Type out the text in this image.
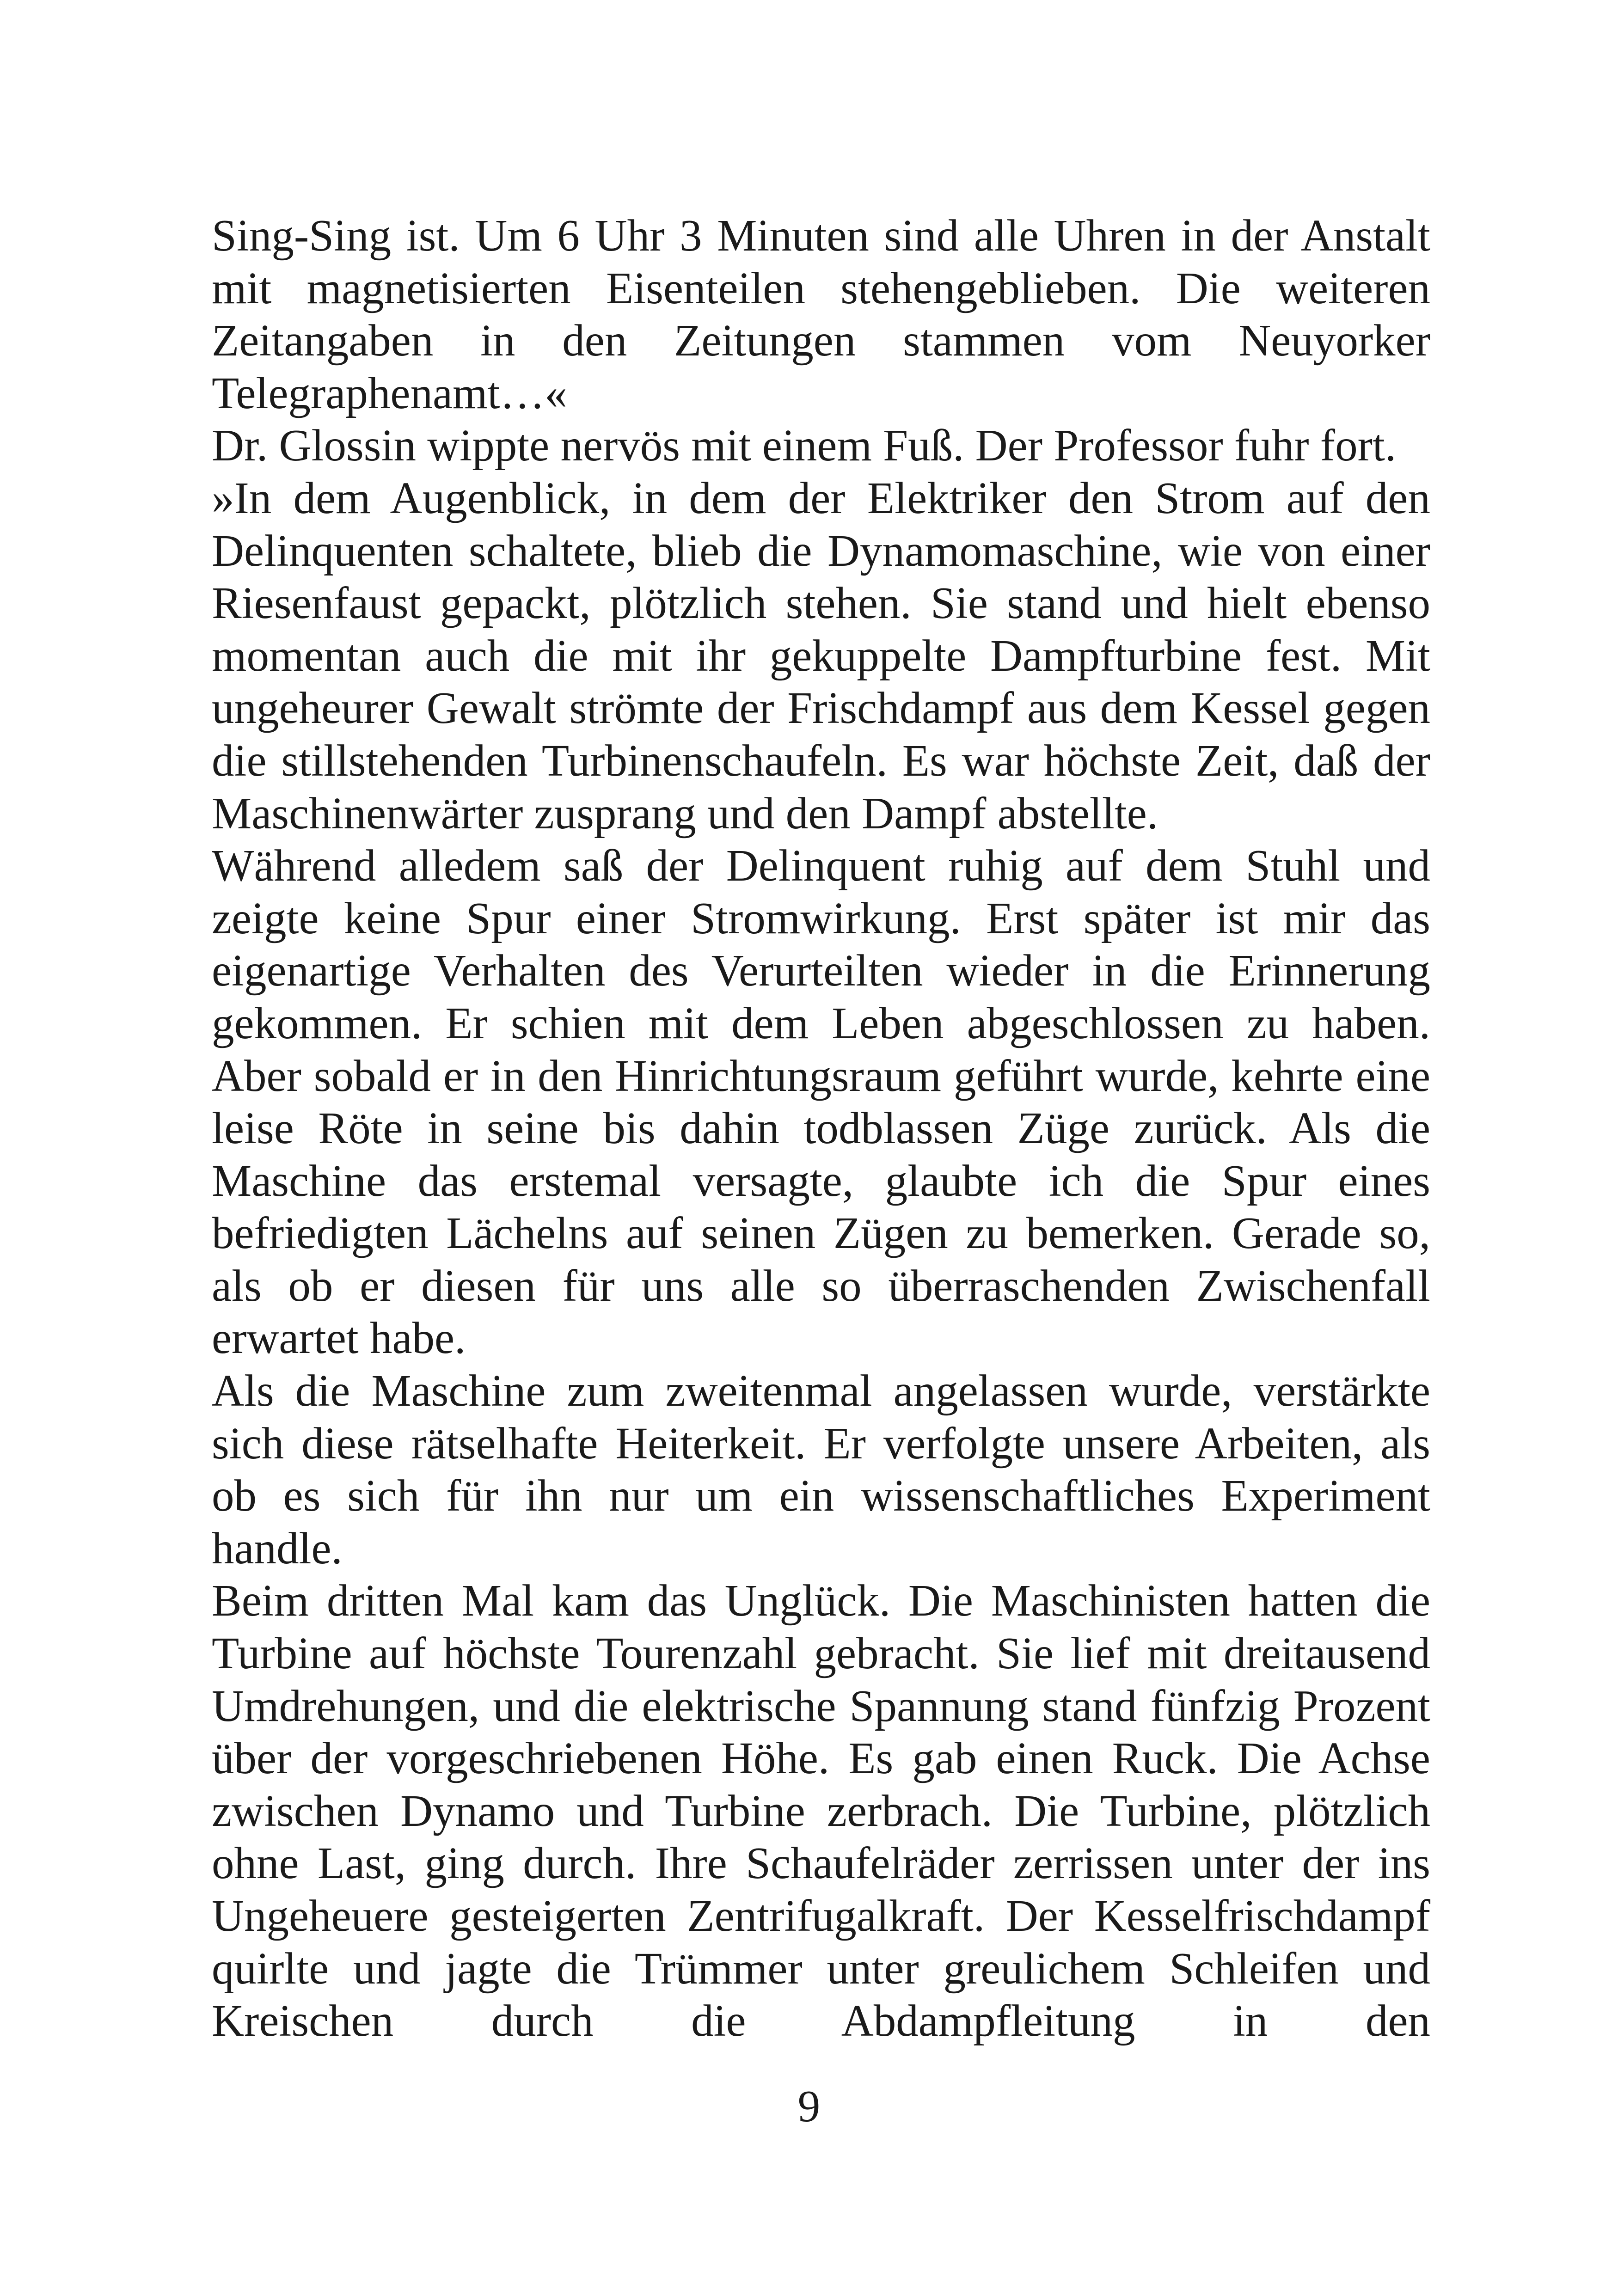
Sing-Sing ist. Um 6 Uhr 3 Minuten sind alle Uhren in der Anstalt mit magnetisierten Eisenteilen stehengeblieben. Die weiteren Zeitangaben in den Zeitungen stammen vom Neuyorker Telegraphenamt…«

Dr. Glossin wippte nervös mit einem Fuß. Der Professor fuhr fort.

»In dem Augenblick, in dem der Elektriker den Strom auf den Delinquenten schaltete, blieb die Dynamomaschine, wie von einer Riesenfaust gepackt, plötzlich stehen. Sie stand und hielt ebenso momentan auch die mit ihr gekuppelte Dampfturbine fest. Mit ungeheurer Gewalt strömte der Frischdampf aus dem Kessel gegen die stillstehenden Turbinenschaufeln. Es war höchste Zeit, daß der Maschinenwärter zusprang und den Dampf abstellte.

Während alledem saß der Delinquent ruhig auf dem Stuhl und zeigte keine Spur einer Stromwirkung. Erst später ist mir das eigenartige Verhalten des Verurteilten wieder in die Erinnerung gekommen. Er schien mit dem Leben abgeschlossen zu haben. Aber sobald er in den Hinrichtungsraum geführt wurde, kehrte eine leise Röte in seine bis dahin todblassen Züge zurück. Als die Maschine das erstemal versagte, glaubte ich die Spur eines befriedigten Lächelns auf seinen Zügen zu bemerken. Gerade so, als ob er diesen für uns alle so überraschenden Zwischenfall erwartet habe.

Als die Maschine zum zweitenmal angelassen wurde, verstärkte sich diese rätselhafte Heiterkeit. Er verfolgte unsere Arbeiten, als ob es sich für ihn nur um ein wissenschaftliches Experiment handle.

Beim dritten Mal kam das Unglück. Die Maschinisten hatten die Turbine auf höchste Tourenzahl gebracht. Sie lief mit dreitausend Umdrehungen, und die elektrische Spannung stand fünfzig Prozent über der vorgeschriebenen Höhe. Es gab einen Ruck. Die Achse zwischen Dynamo und Turbine zerbrach. Die Turbine, plötzlich ohne Last, ging durch. Ihre Schaufelräder zerrissen unter der ins Ungeheuere gesteigerten Zentrifugalkraft. Der Kesselfrischdampf quirlte und jagte die Trümmer unter greulichem Schleifen und Kreischen durch die Abdampfleitung in den

9
